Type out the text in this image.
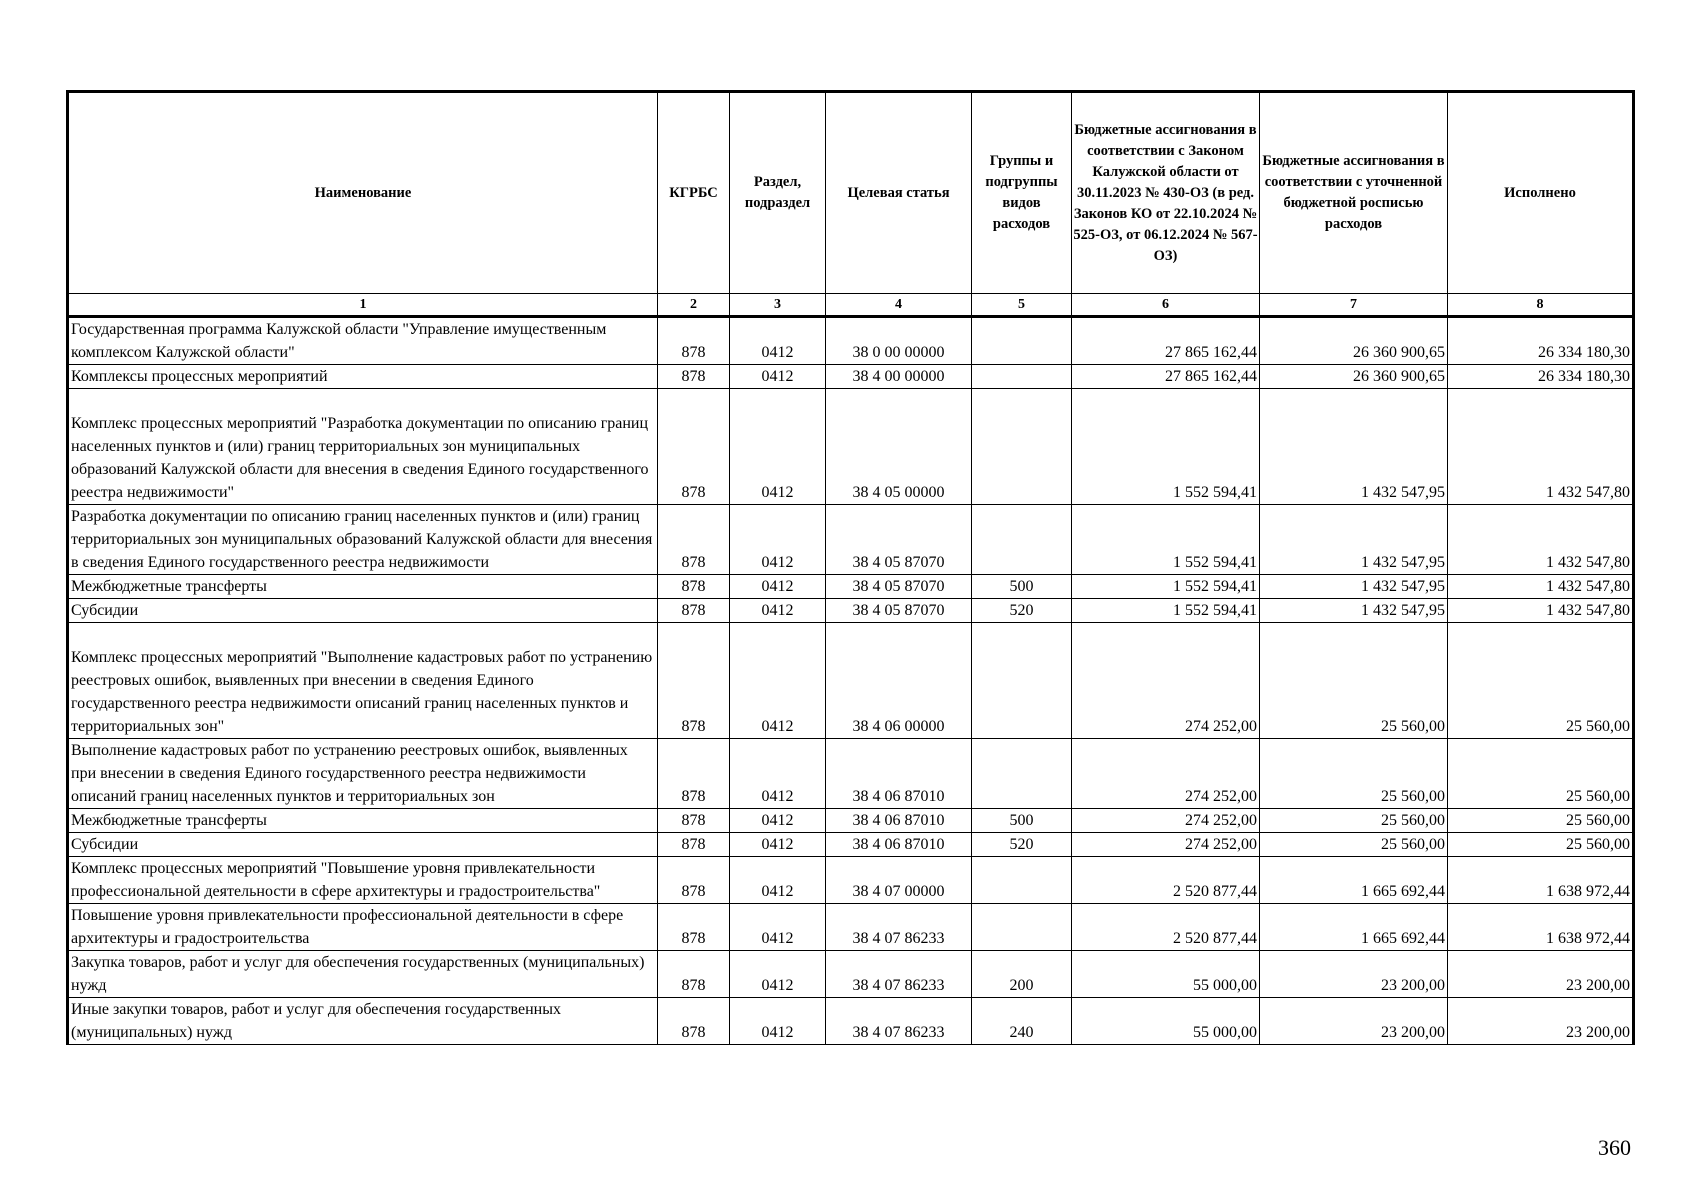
Наименование	КГРБС	Раздел, подраздел	Целевая статья	Группы и подгруппы видов расходов	Бюджетные ассигнования в соответствии с Законом Калужской области от 30.11.2023 № 430-ОЗ (в ред. Законов КО от 22.10.2024 № 525-ОЗ, от 06.12.2024 № 567-ОЗ)	Бюджетные ассигнования в соответствии с уточненной бюджетной росписью расходов	Исполнено
1	2	3	4	5	6	7	8
Государственная программа Калужской области "Управление имущественным комплексом Калужской области"	878	0412	38 0 00 00000		27 865 162,44	26 360 900,65	26 334 180,30
Комплексы процессных мероприятий	878	0412	38 4 00 00000		27 865 162,44	26 360 900,65	26 334 180,30
Комплекс процессных мероприятий "Разработка документации по описанию границ населенных пунктов и (или) границ территориальных зон муниципальных образований Калужской области для внесения в сведения Единого государственного реестра недвижимости"	878	0412	38 4 05 00000		1 552 594,41	1 432 547,95	1 432 547,80
Разработка документации по описанию границ населенных пунктов и (или) границ территориальных зон муниципальных образований Калужской области для внесения в сведения Единого государственного реестра недвижимости	878	0412	38 4 05 87070		1 552 594,41	1 432 547,95	1 432 547,80
Межбюджетные трансферты	878	0412	38 4 05 87070	500	1 552 594,41	1 432 547,95	1 432 547,80
Субсидии	878	0412	38 4 05 87070	520	1 552 594,41	1 432 547,95	1 432 547,80
Комплекс процессных мероприятий "Выполнение кадастровых работ по устранению реестровых ошибок, выявленных при внесении в сведения Единого государственного реестра недвижимости описаний границ населенных пунктов и территориальных зон"	878	0412	38 4 06 00000		274 252,00	25 560,00	25 560,00
Выполнение кадастровых работ по устранению реестровых ошибок, выявленных при внесении в сведения Единого государственного реестра недвижимости описаний границ населенных пунктов и территориальных зон	878	0412	38 4 06 87010		274 252,00	25 560,00	25 560,00
Межбюджетные трансферты	878	0412	38 4 06 87010	500	274 252,00	25 560,00	25 560,00
Субсидии	878	0412	38 4 06 87010	520	274 252,00	25 560,00	25 560,00
Комплекс процессных мероприятий "Повышение уровня привлекательности профессиональной деятельности в сфере архитектуры и градостроительства"	878	0412	38 4 07 00000		2 520 877,44	1 665 692,44	1 638 972,44
Повышение уровня привлекательности профессиональной деятельности в сфере архитектуры и градостроительства	878	0412	38 4 07 86233		2 520 877,44	1 665 692,44	1 638 972,44
Закупка товаров, работ и услуг для обеспечения государственных (муниципальных) нужд	878	0412	38 4 07 86233	200	55 000,00	23 200,00	23 200,00
Иные закупки товаров, работ и услуг для обеспечения государственных (муниципальных) нужд	878	0412	38 4 07 86233	240	55 000,00	23 200,00	23 200,00
360
